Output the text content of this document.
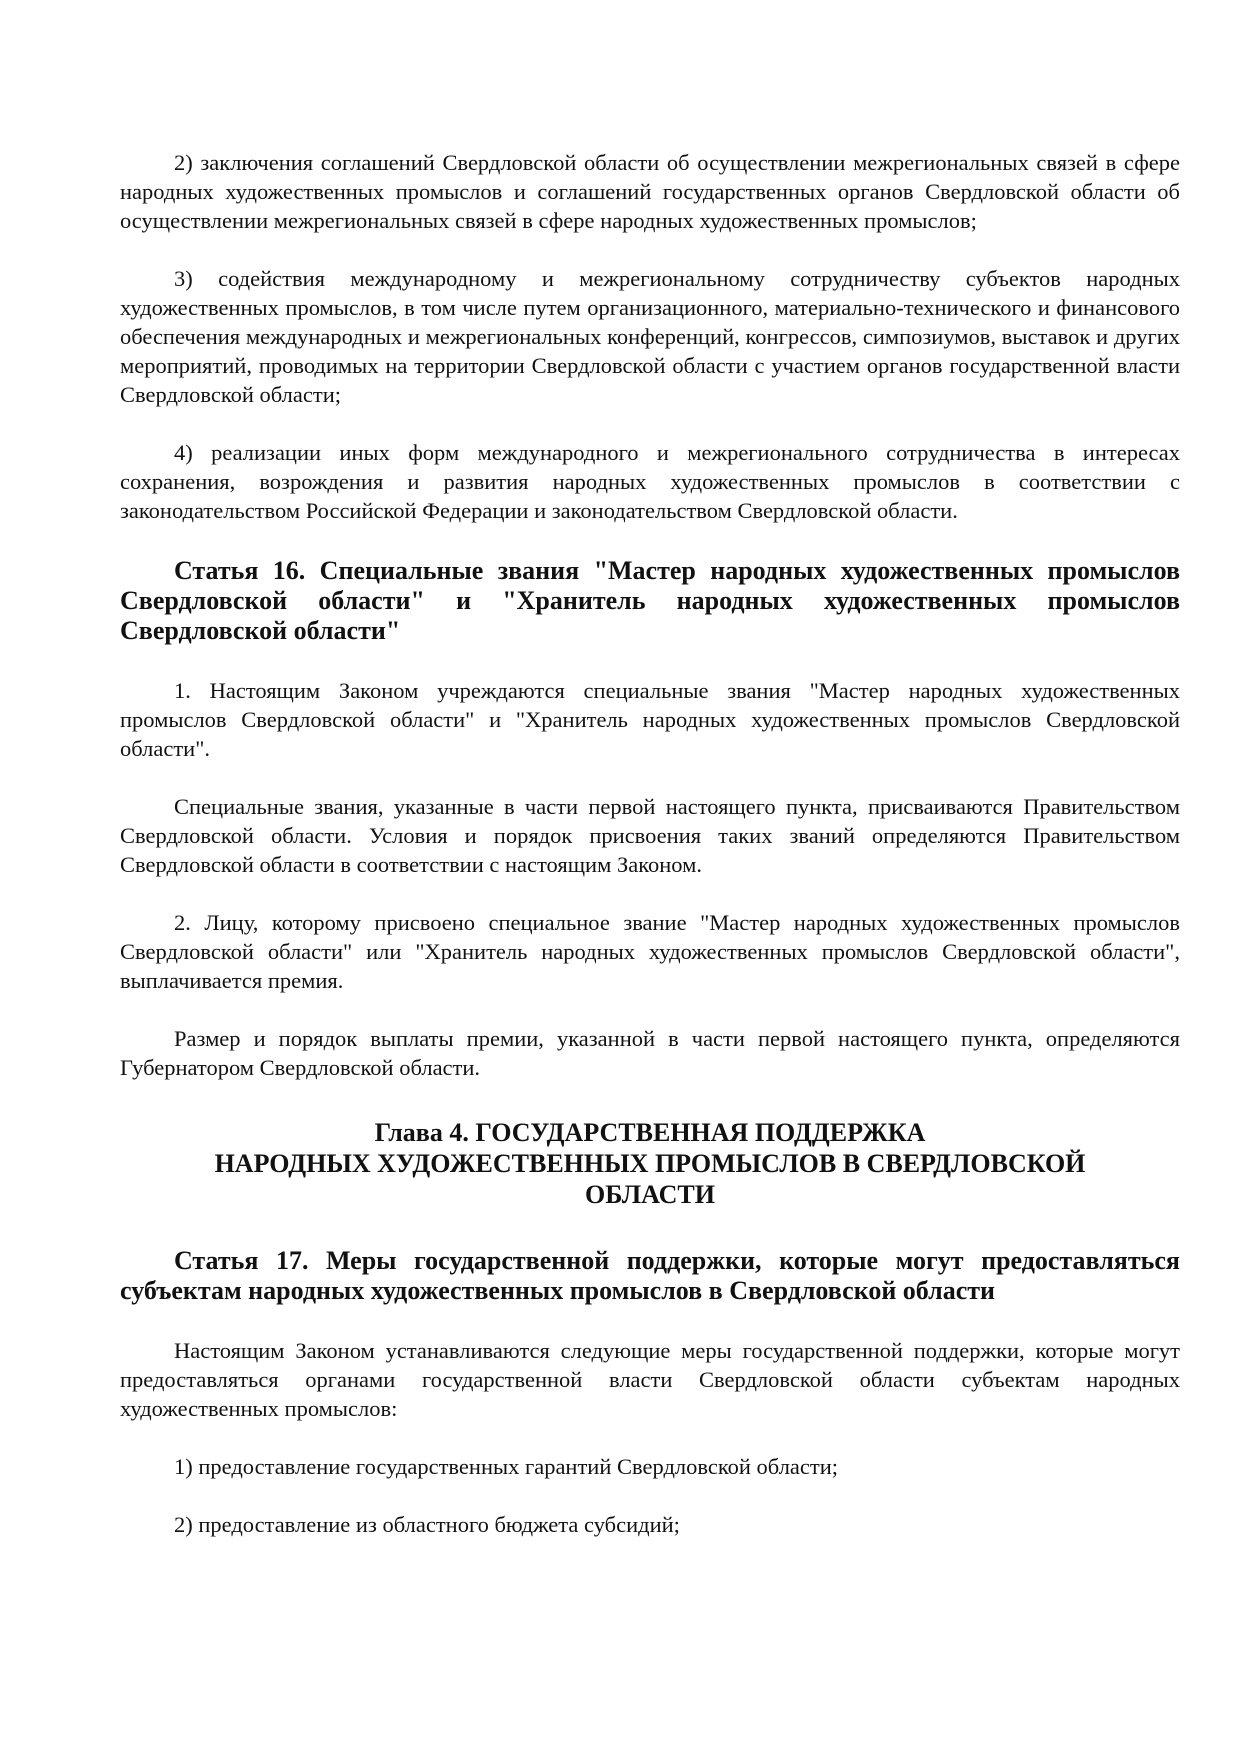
2) заключения соглашений Свердловской области об осуществлении межрегиональных связей в сфере народных художественных промыслов и соглашений государственных органов Свердловской области об осуществлении межрегиональных связей в сфере народных художественных промыслов;

3) содействия международному и межрегиональному сотрудничеству субъектов народных художественных промыслов, в том числе путем организационного, материально-технического и финансового обеспечения международных и межрегиональных конференций, конгрессов, симпозиумов, выставок и других мероприятий, проводимых на территории Свердловской области с участием органов государственной власти Свердловской области;

4) реализации иных форм международного и межрегионального сотрудничества в интересах сохранения, возрождения и развития народных художественных промыслов в соответствии с законодательством Российской Федерации и законодательством Свердловской области.

Статья 16. Специальные звания "Мастер народных художественных промыслов Свердловской области" и "Хранитель народных художественных промыслов Свердловской области"

1. Настоящим Законом учреждаются специальные звания "Мастер народных художественных промыслов Свердловской области" и "Хранитель народных художественных промыслов Свердловской области".

Специальные звания, указанные в части первой настоящего пункта, присваиваются Правительством Свердловской области. Условия и порядок присвоения таких званий определяются Правительством Свердловской области в соответствии с настоящим Законом.

2. Лицу, которому присвоено специальное звание "Мастер народных художественных промыслов Свердловской области" или "Хранитель народных художественных промыслов Свердловской области", выплачивается премия.

Размер и порядок выплаты премии, указанной в части первой настоящего пункта, определяются Губернатором Свердловской области.

Глава 4. ГОСУДАРСТВЕННАЯ ПОДДЕРЖКА
НАРОДНЫХ ХУДОЖЕСТВЕННЫХ ПРОМЫСЛОВ В СВЕРДЛОВСКОЙ
ОБЛАСТИ
Статья 17. Меры государственной поддержки, которые могут предоставляться субъектам народных художественных промыслов в Свердловской области

Настоящим Законом устанавливаются следующие меры государственной поддержки, которые могут предоставляться органами государственной власти Свердловской области субъектам народных художественных промыслов:

1) предоставление государственных гарантий Свердловской области;

2) предоставление из областного бюджета субсидий;
